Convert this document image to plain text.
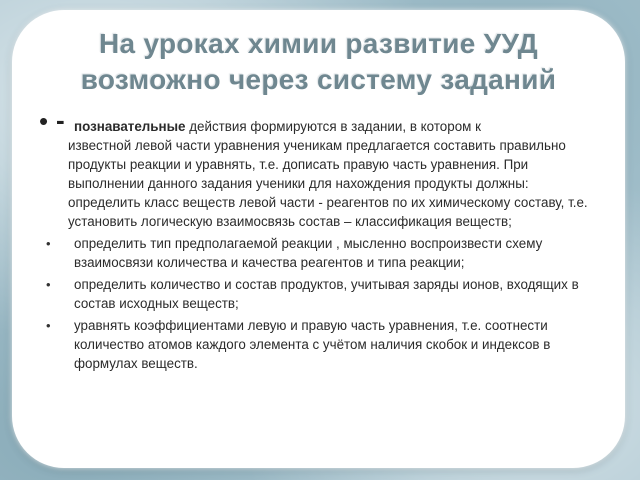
На уроках химии развитие УУД
возможно через систему заданий
• - познавательные действия формируются в задании, в котором к
известной левой части уравнения ученикам предлагается составить правильно продукты реакции и уравнять, т.е. дописать правую часть уравнения. При выполнении данного задания ученики для нахождения продукты должны:
определить класс веществ левой части - реагентов по их химическому составу, т.е. установить логическую взаимосвязь состав – классификация веществ;
• определить тип предполагаемой реакции , мысленно воспроизвести схему взаимосвязи количества и качества реагентов и типа реакции;
• определить количество и состав продуктов, учитывая заряды ионов, входящих в состав исходных веществ;
• уравнять коэффициентами левую и правую часть уравнения, т.е. соотнести количество атомов каждого элемента с учётом наличия скобок и индексов в формулах веществ.
